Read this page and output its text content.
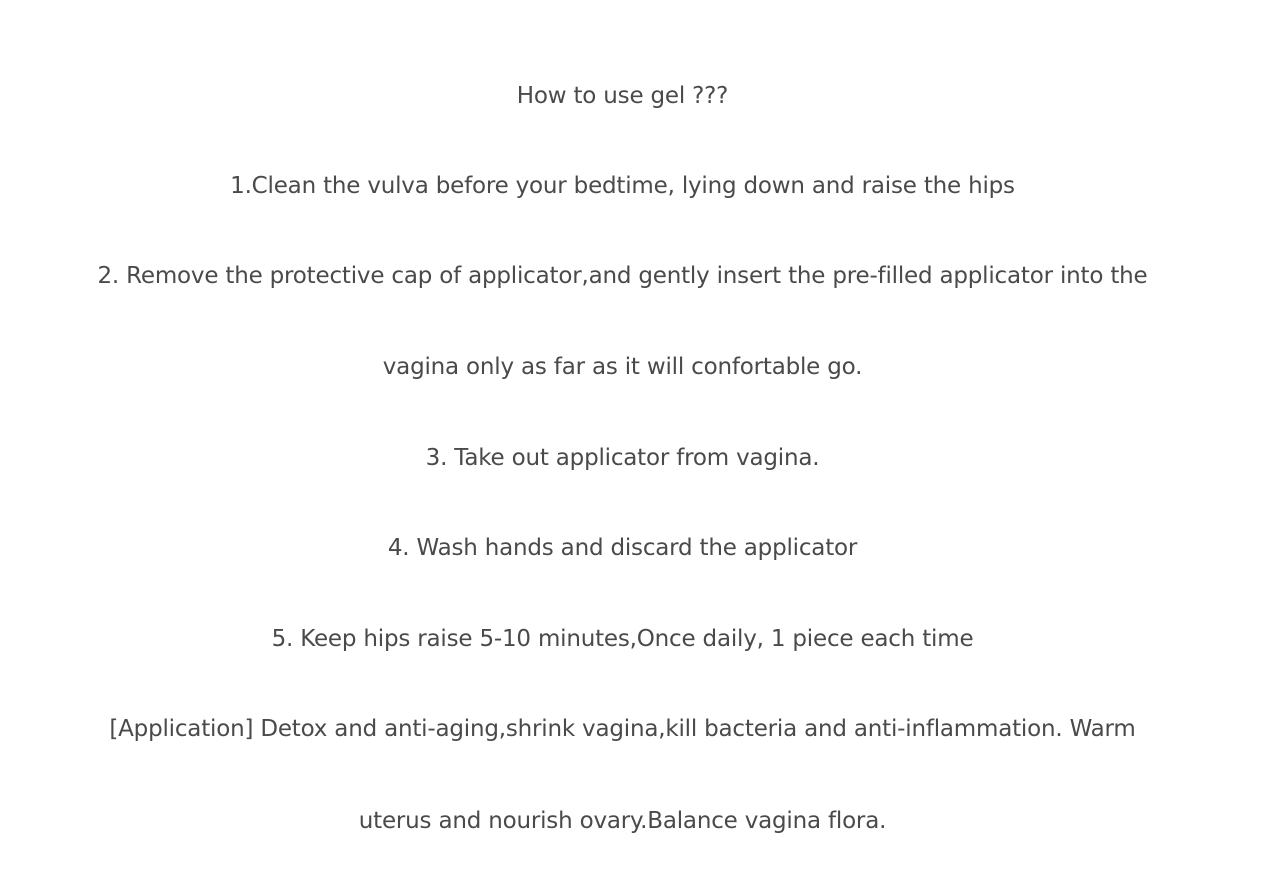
How to use gel ???
1.Clean the vulva before your bedtime, lying down and raise the hips
2. Remove the protective cap of applicator,and gently insert the pre-filled applicator into the
vagina only as far as it will confortable go.
3. Take out applicator from vagina.
4. Wash hands and discard the applicator
5. Keep hips raise 5-10 minutes,Once daily, 1 piece each time
[Application] Detox and anti-aging,shrink vagina,kill bacteria and anti-inflammation. Warm
uterus and nourish ovary.Balance vagina flora.
